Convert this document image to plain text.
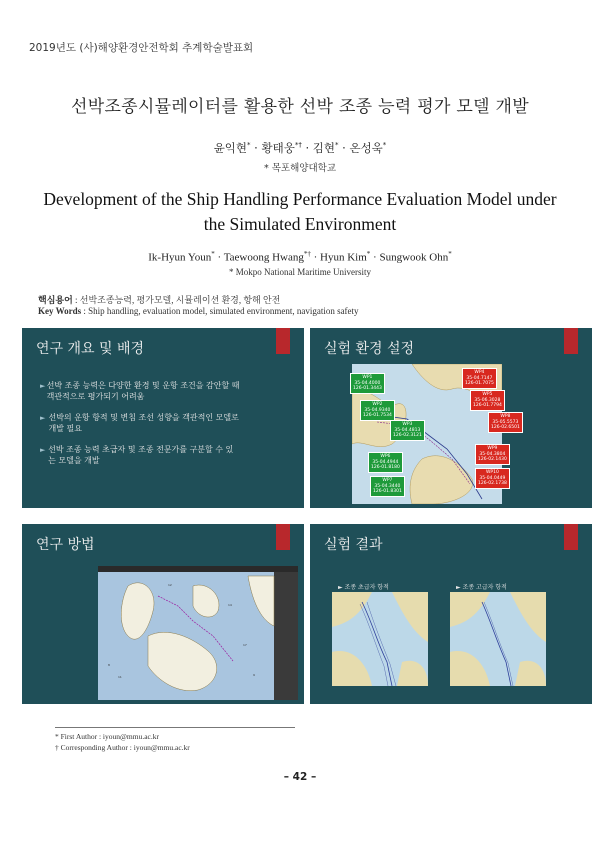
2019년도 (사)해양환경안전학회 추계학술발표회
선박조종시뮬레이터를 활용한 선박 조종 능력 평가 모델 개발
윤익현* · 황태웅*† · 김현* · 온성욱*
* 목포해양대학교
Development of the Ship Handling Performance Evaluation Model under
the Simulated Environment
Ik-Hyun Youn* · Taewoong Hwang*† · Hyun Kim* · Sungwook Ohn*
* Mokpo National Maritime University
핵심용어 : 선박조종능력, 평가모델, 시뮬레이션 환경, 항해 안전
Key Words : Ship handling, evaluation model, simulated environment, navigation safety
연구 개요 및 배경
► 선박 조종 능력은 다양한 환경 및 운항 조건을 감안할 때 객관적으로 평가되기 어려움
► 선박의 운항 항적 및 변침 조선 성향을 객관적인 모델로 개발 필요
► 선박 조종 능력 초급자 및 조종 전문가를 구분할 수 있는 모델을 개발
실험 환경 설정
WP1
35-04.4000
126-01.3443
WP2
35-04.9340
126-01.7534
WP3
35-04.4813
126-02.3121
WP6
35-04.4944
126-01.8180
WP7
35-04.3440
126-01.8301
WP4
35-04.7147
126-01.7075
WP5
35-06.3028
126-01.7794
WP8
35-05.5573
126-02.6501
WP9
35-04.3804
126-02.1430
WP10
35-04.0449
126-02.1738
연구 방법
8
11
14
17
9
12
실험 결과
► 조종 초급자 항적	► 조종 고급자 항적
* First Author : iyoun@mmu.ac.kr
† Corresponding Author : iyoun@mmu.ac.kr
– 42 –
